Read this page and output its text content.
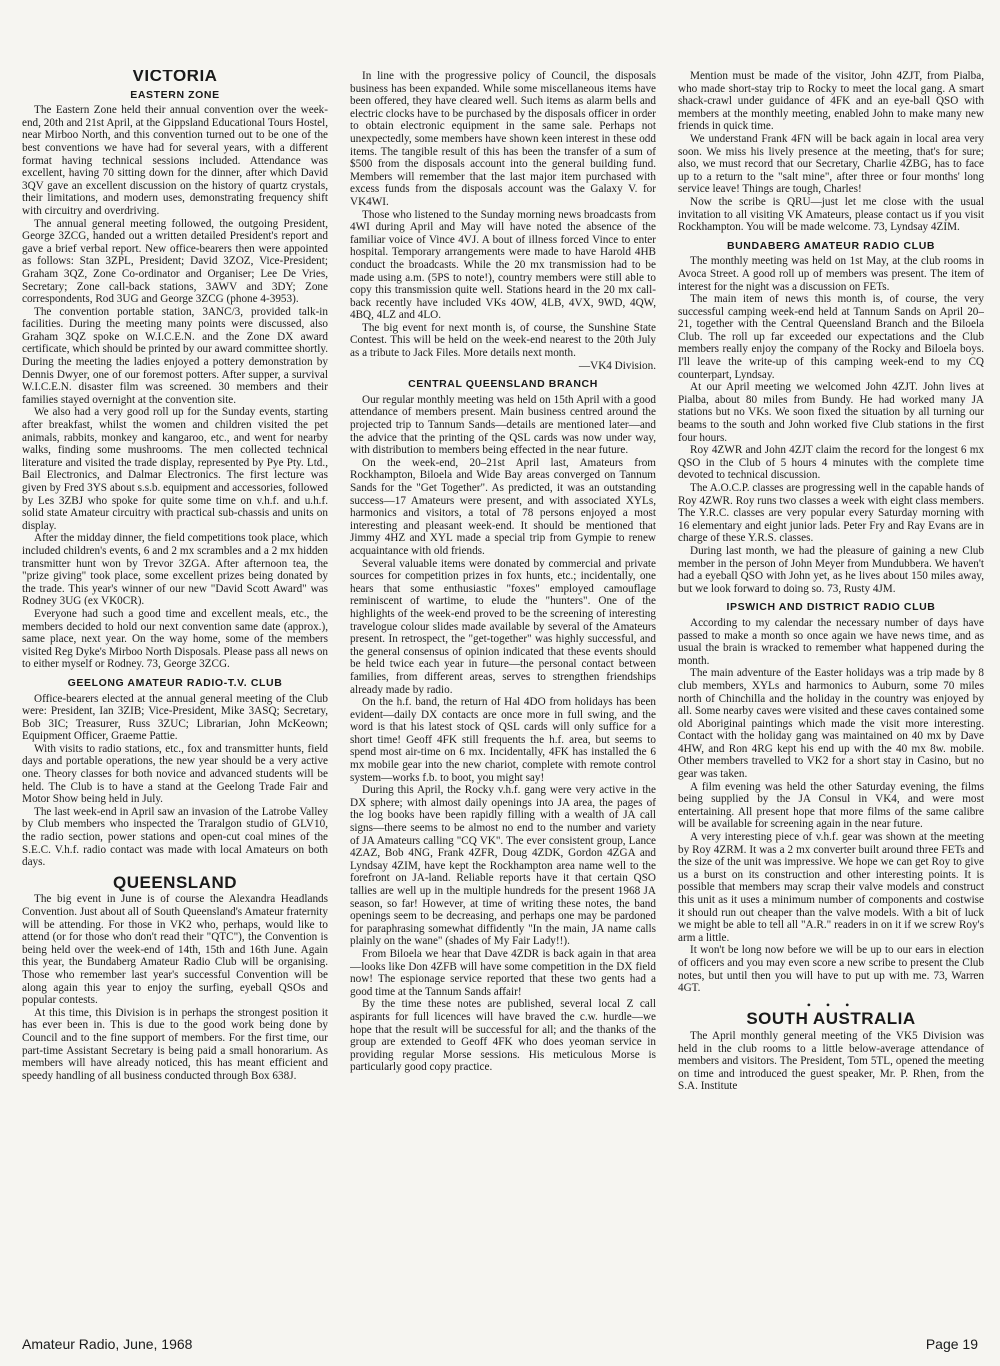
VICTORIA
EASTERN ZONE

The Eastern Zone held their annual convention over the week-end, 20th and 21st April, at the Gippsland Educational Tours Hostel, near Mirboo North, and this convention turned out to be one of the best conventions we have had for several years, with a different format having technical sessions included. Attendance was excellent, having 70 sitting down for the dinner, after which David 3QV gave an excellent discussion on the history of quartz crystals, their limitations, and modern uses, demonstrating frequency shift with circuitry and overdriving.

The annual general meeting followed, the outgoing President, George 3ZCG, handed out a written detailed President's report and gave a brief verbal report. New office-bearers then were appointed as follows: Stan 3ZPL, President; David 3ZOZ, Vice-President; Graham 3QZ, Zone Co-ordinator and Organiser; Lee De Vries, Secretary; Zone call-back stations, 3AWV and 3DY; Zone correspondents, Rod 3UG and George 3ZCG (phone 4-3953).

The convention portable station, 3ANC/3, provided talk-in facilities. During the meeting many points were discussed, also Graham 3QZ spoke on W.I.C.E.N. and the Zone DX award certificate, which should be printed by our award committee shortly. During the meeting the ladies enjoyed a pottery demonstration by Dennis Dwyer, one of our foremost potters. After supper, a survival W.I.C.E.N. disaster film was screened. 30 members and their families stayed overnight at the convention site.

We also had a very good roll up for the Sunday events, starting after breakfast, whilst the women and children visited the pet animals, rabbits, monkey and kangaroo, etc., and went for nearby walks, finding some mushrooms. The men collected technical literature and visited the trade display, represented by Pye Pty. Ltd., Bail Electronics, and Dalmar Electronics. The first lecture was given by Fred 3YS about s.s.b. equipment and accessories, followed by Les 3ZBJ who spoke for quite some time on v.h.f. and u.h.f. solid state Amateur circuitry with practical sub-chassis and units on display.

After the midday dinner, the field competitions took place, which included children's events, 6 and 2 mx scrambles and a 2 mx hidden transmitter hunt won by Trevor 3ZGA. After afternoon tea, the "prize giving" took place, some excellent prizes being donated by the trade. This year's winner of our new "David Scott Award" was Rodney 3UG (ex VK0CR).

Everyone had such a good time and excellent meals, etc., the members decided to hold our next convention same date (approx.), same place, next year. On the way home, some of the members visited Reg Dyke's Mirboo North Disposals. Please pass all news on to either myself or Rodney. 73, George 3ZCG.

GEELONG AMATEUR RADIO-T.V. CLUB

Office-bearers elected at the annual general meeting of the Club were: President, Ian 3ZIB; Vice-President, Mike 3ASQ; Secretary, Bob 3IC; Treasurer, Russ 3ZUC; Librarian, John McKeown; Equipment Officer, Graeme Pattie.

With visits to radio stations, etc., fox and transmitter hunts, field days and portable operations, the new year should be a very active one. Theory classes for both novice and advanced students will be held. The Club is to have a stand at the Geelong Trade Fair and Motor Show being held in July.

The last week-end in April saw an invasion of the Latrobe Valley by Club members who inspected the Traralgon studio of GLV10, the radio section, power stations and open-cut coal mines of the S.E.C. V.h.f. radio contact was made with local Amateurs on both days.

QUEENSLAND

The big event in June is of course the Alexandra Headlands Convention. Just about all of South Queensland's Amateur fraternity will be attending. For those in VK2 who, perhaps, would like to attend (or for those who don't read their "QTC"), the Convention is being held over the week-end of 14th, 15th and 16th June. Again this year, the Bundaberg Amateur Radio Club will be organising. Those who remember last year's successful Convention will be along again this year to enjoy the surfing, eyeball QSOs and popular contests.

At this time, this Division is in perhaps the strongest position it has ever been in. This is due to the good work being done by Council and to the fine support of members. For the first time, our part-time Assistant Secretary is being paid a small honorarium. As members will have already noticed, this has meant efficient and speedy handling of all business conducted through Box 638J.

In line with the progressive policy of Council, the disposals business has been expanded. While some miscellaneous items have been offered, they have cleared well. Such items as alarm bells and electric clocks have to be purchased by the disposals officer in order to obtain electronic equipment in the same sale. Perhaps not unexpectedly, some members have shown keen interest in these odd items. The tangible result of this has been the transfer of a sum of $500 from the disposals account into the general building fund. Members will remember that the last major item purchased with excess funds from the disposals account was the Galaxy V. for VK4WI.

Those who listened to the Sunday morning news broadcasts from 4WI during April and May will have noted the absence of the familiar voice of Vince 4VJ. A bout of illness forced Vince to enter hospital. Temporary arrangements were made to have Harold 4HB conduct the broadcasts. While the 20 mx transmission had to be made using a.m. (5PS to note!), country members were still able to copy this transmission quite well. Stations heard in the 20 mx call-back recently have included VKs 4OW, 4LB, 4VX, 9WD, 4QW, 4BQ, 4LZ and 4LO.

The big event for next month is, of course, the Sunshine State Contest. This will be held on the week-end nearest to the 20th July as a tribute to Jack Files. More details next month.

—VK4 Division.

CENTRAL QUEENSLAND BRANCH

Our regular monthly meeting was held on 15th April with a good attendance of members present. Main business centred around the projected trip to Tannum Sands—details are mentioned later—and the advice that the printing of the QSL cards was now under way, with distribution to members being effected in the near future.

On the week-end, 20–21st April last, Amateurs from Rockhampton, Biloela and Wide Bay areas converged on Tannum Sands for the "Get Together". As predicted, it was an outstanding success—17 Amateurs were present, and with associated XYLs, harmonics and visitors, a total of 78 persons enjoyed a most interesting and pleasant week-end. It should be mentioned that Jimmy 4HZ and XYL made a special trip from Gympie to renew acquaintance with old friends.

Several valuable items were donated by commercial and private sources for competition prizes in fox hunts, etc.; incidentally, one hears that some enthusiastic "foxes" employed camouflage reminiscent of wartime, to elude the "hunters". One of the highlights of the week-end proved to be the screening of interesting travelogue colour slides made available by several of the Amateurs present. In retrospect, the "get-together" was highly successful, and the general consensus of opinion indicated that these events should be held twice each year in future—the personal contact between families, from different areas, serves to strengthen friendships already made by radio.

On the h.f. band, the return of Hal 4DO from holidays has been evident—daily DX contacts are once more in full swing, and the word is that his latest stock of QSL cards will only suffice for a short time! Geoff 4FK still frequents the h.f. area, but seems to spend most air-time on 6 mx. Incidentally, 4FK has installed the 6 mx mobile gear into the new chariot, complete with remote control system—works f.b. to boot, you might say!

During this April, the Rocky v.h.f. gang were very active in the DX sphere; with almost daily openings into JA area, the pages of the log books have been rapidly filling with a wealth of JA call signs—there seems to be almost no end to the number and variety of JA Amateurs calling "CQ VK". The ever consistent group, Lance 4ZAZ, Bob 4NG, Frank 4ZFR, Doug 4ZDK, Gordon 4ZGA and Lyndsay 4ZIM, have kept the Rockhampton area name well to the forefront on JA-land. Reliable reports have it that certain QSO tallies are well up in the multiple hundreds for the present 1968 JA season, so far! However, at time of writing these notes, the band openings seem to be decreasing, and perhaps one may be pardoned for paraphrasing somewhat diffidently "In the main, JA name calls plainly on the wane" (shades of My Fair Lady!!).

From Biloela we hear that Dave 4ZDR is back again in that area—looks like Don 4ZFB will have some competition in the DX field now! The espionage service reported that these two gents had a good time at the Tannum Sands affair!

By the time these notes are published, several local Z call aspirants for full licences will have braved the c.w. hurdle—we hope that the result will be successful for all; and the thanks of the group are extended to Geoff 4FK who does yeoman service in providing regular Morse sessions. His meticulous Morse is particularly good copy practice.

Mention must be made of the visitor, John 4ZJT, from Pialba, who made short-stay trip to Rocky to meet the local gang. A smart shack-crawl under guidance of 4FK and an eye-ball QSO with members at the monthly meeting, enabled John to make many new friends in quick time.

We understand Frank 4FN will be back again in local area very soon. We miss his lively presence at the meeting, that's for sure; also, we must record that our Secretary, Charlie 4ZBG, has to face up to a return to the "salt mine", after three or four months' long service leave! Things are tough, Charles!

Now the scribe is QRU—just let me close with the usual invitation to all visiting VK Amateurs, please contact us if you visit Rockhampton. You will be made welcome. 73, Lyndsay 4ZIM.

BUNDABERG AMATEUR RADIO CLUB

The monthly meeting was held on 1st May, at the club rooms in Avoca Street. A good roll up of members was present. The item of interest for the night was a discussion on FETs.

The main item of news this month is, of course, the very successful camping week-end held at Tannum Sands on April 20–21, together with the Central Queensland Branch and the Biloela Club. The roll up far exceeded our expectations and the Club members really enjoy the company of the Rocky and Biloela boys. I'll leave the write-up of this camping week-end to my CQ counterpart, Lyndsay.

At our April meeting we welcomed John 4ZJT. John lives at Pialba, about 80 miles from Bundy. He had worked many JA stations but no VKs. We soon fixed the situation by all turning our beams to the south and John worked five Club stations in the first four hours.

Roy 4ZWR and John 4ZJT claim the record for the longest 6 mx QSO in the Club of 5 hours 4 minutes with the complete time devoted to technical discussion.

The A.O.C.P. classes are progressing well in the capable hands of Roy 4ZWR. Roy runs two classes a week with eight class members. The Y.R.C. classes are very popular every Saturday morning with 16 elementary and eight junior lads. Peter Fry and Ray Evans are in charge of these Y.R.S. classes.

During last month, we had the pleasure of gaining a new Club member in the person of John Meyer from Mundubbera. We haven't had a eyeball QSO with John yet, as he lives about 150 miles away, but we look forward to doing so. 73, Rusty 4JM.

IPSWICH AND DISTRICT RADIO CLUB

According to my calendar the necessary number of days have passed to make a month so once again we have news time, and as usual the brain is wracked to remember what happened during the month.

The main adventure of the Easter holidays was a trip made by 8 club members, XYLs and harmonics to Auburn, some 70 miles north of Chinchilla and the holiday in the country was enjoyed by all. Some nearby caves were visited and these caves contained some old Aboriginal paintings which made the visit more interesting. Contact with the holiday gang was maintained on 40 mx by Dave 4HW, and Ron 4RG kept his end up with the 40 mx 8w. mobile. Other members travelled to VK2 for a short stay in Casino, but no gear was taken.

A film evening was held the other Saturday evening, the films being supplied by the JA Consul in VK4, and were most entertaining. All present hope that more films of the same calibre will be available for screening again in the near future.

A very interesting piece of v.h.f. gear was shown at the meeting by Roy 4ZRM. It was a 2 mx converter built around three FETs and the size of the unit was impressive. We hope we can get Roy to give us a burst on its construction and other interesting points. It is possible that members may scrap their valve models and construct this unit as it uses a minimum number of components and costwise it should run out cheaper than the valve models. With a bit of luck we might be able to tell all "A.R." readers in on it if we screw Roy's arm a little.

It won't be long now before we will be up to our ears in election of officers and you may even score a new scribe to present the Club notes, but until then you will have to put up with me. 73, Warren 4GT.

• • •
SOUTH AUSTRALIA

The April monthly general meeting of the VK5 Division was held in the club rooms to a little below-average attendance of members and visitors. The President, Tom 5TL, opened the meeting on time and introduced the guest speaker, Mr. P. Rhen, from the S.A. Institute

Amateur Radio, June, 1968	Page 19
